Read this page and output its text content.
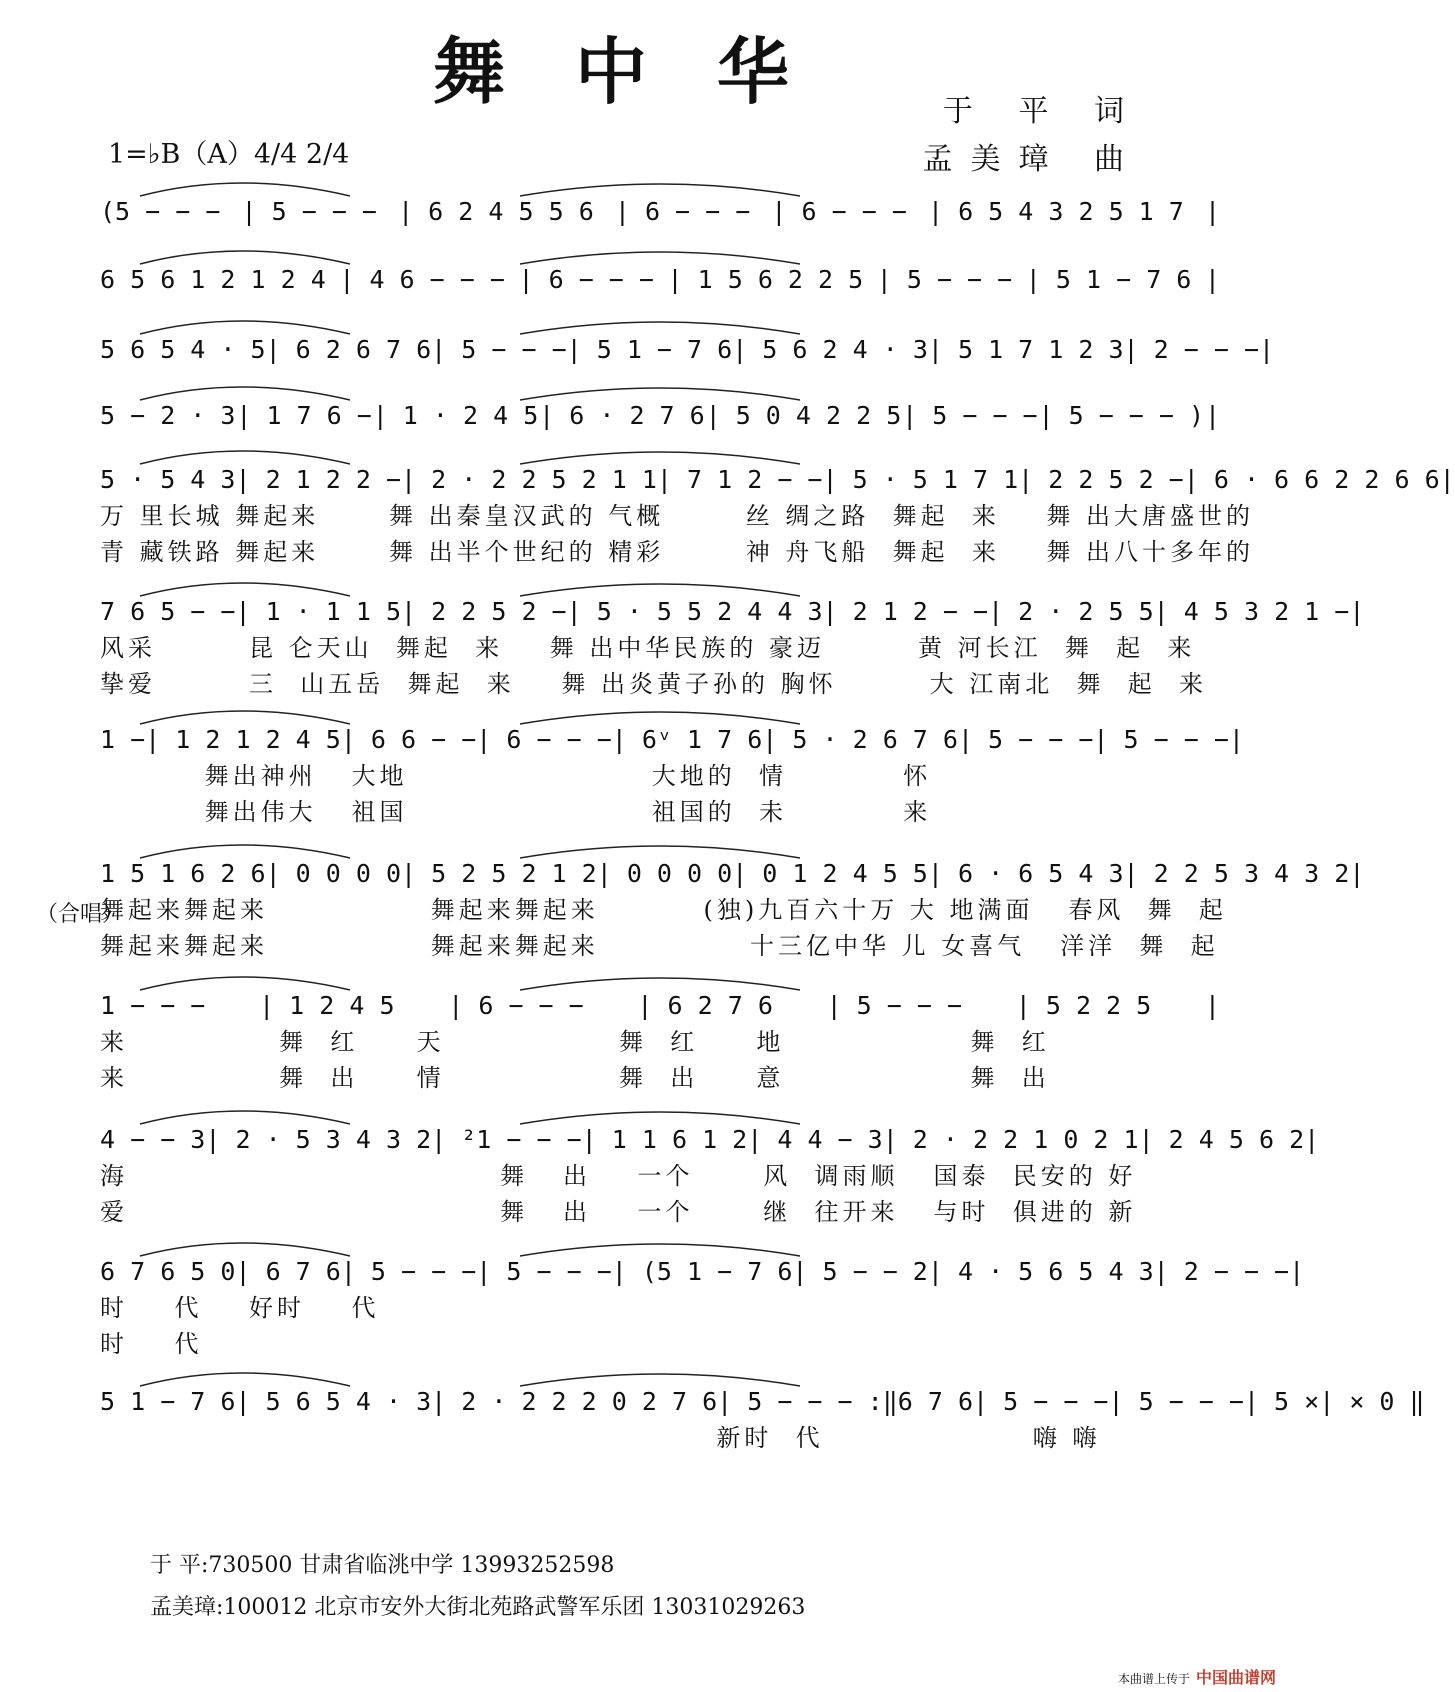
舞中华	于 平 词
孟美璋 曲
1=♭B（A）4/4 2/4
(5 − − − | 5 − − − | 6 2 4 5 5 6 | 6 − − − | 6 − − − | 6 5 4 3 2 5 1 7 |
6 5 6 1 2 1 2 4 | 4 6 − − − | 6 − − − | 1 5 6 2 2 5 | 5 − − − | 5 1 − 7 6 |
5 6 5 4 · 5 | 6 2 6 7 6 | 5 − − − | 5 1 − 7 6 | 5 6 2 4 · 3 | 5 1 7 1 2 3 | 2 − − − |
5 − 2 · 3 | 1 7 6 − | 1 · 2 4 5 | 6 · 2 7 6 | 5 0 4 2 2 5 | 5 − − − | 5 − − − ) |
5 · 5 4 3 | 2 1 2 2 − | 2 · 2 2 5 2 1 1 | 7 1 2 − − | 5 · 5 1 7 1 | 2 2 5 2 − | 6 · 6 6 2 2 6 6 |
万 里长城 舞起来      舞 出秦皇汉武的 气概       丝 绸之路  舞起  来    舞 出大唐盛世的
青 藏铁路 舞起来      舞 出半个世纪的 精彩       神 舟飞船  舞起  来    舞 出八十多年的
7 6 5 − − | 1 · 1 1 5 | 2 2 5 2 − | 5 · 5 5 2 4 4 3 | 2 1 2 − − | 2 · 2 5 5 | 4 5 3 2 1 − |
风采        昆 仑天山  舞起  来    舞 出中华民族的 豪迈        黄 河长江  舞  起  来
挚爱        三  山五岳  舞起  来    舞 出炎黄子孙的 胸怀        大 江南北  舞  起  来
1 − | 1 2 1 2 4 5 | 6 6 − − | 6 − − − | 6ᵛ 1 7 6 | 5 · 2 6 7 6 | 5 − − − | 5 − − − |
舞出神州   大地                     大地的  情          怀
舞出伟大   祖国                     祖国的  未          来
1 5 1 6 2 6 | 0 0 0 0 | 5 2 5 2 1 2 | 0 0 0 0 | 0 1 2 4 5 5 | 6 · 6 5 4 3 | 2 2 5 3 4 3 2 |
舞起来舞起来              舞起来舞起来         (独)九百六十万 大 地满面   春风  舞  起
舞起来舞起来              舞起来舞起来             十三亿中华 儿 女喜气   洋洋  舞  起
1 − − − | 1 2 4 5 | 6 − − − | 6 2 7 6 | 5 − − − | 5 2 2 5 |
来             舞  红     天               舞  红     地                舞  红
来             舞  出     情               舞  出     意                舞  出
4 − − 3 | 2 · 5 3 4 3 2 | ²1 − − − | 1 1 6 1 2 | 4 4 − 3 | 2 · 2 2 1 0 2 1 | 2 4 5 6 2 |
海                                舞   出    一个      风  调雨顺   国泰  民安的 好
爱                                舞   出    一个      继  往开来   与时  俱进的 新
6 7 6 5 0 | 6 7 6 | 5 − − − | 5 − − − | (5 1 − 7 6 | 5 − − 2 | 4 · 5 6 5 4 3 | 2 − − − |
时    代    好时    代
时    代
5 1 − 7 6 | 5 6 5 4 · 3 | 2 · 2 2 2 0 2 7 6 | 5 − − − :‖ 6 7 6 | 5 − − − | 5 − − − | 5 × | × 0 ‖
新时  代                  嗨 嗨
（合唱）
于 平:730500 甘肃省临洮中学 13993252598
孟美璋:100012 北京市安外大街北苑路武警军乐团 13031029263
本曲谱上传于 中国曲谱网
